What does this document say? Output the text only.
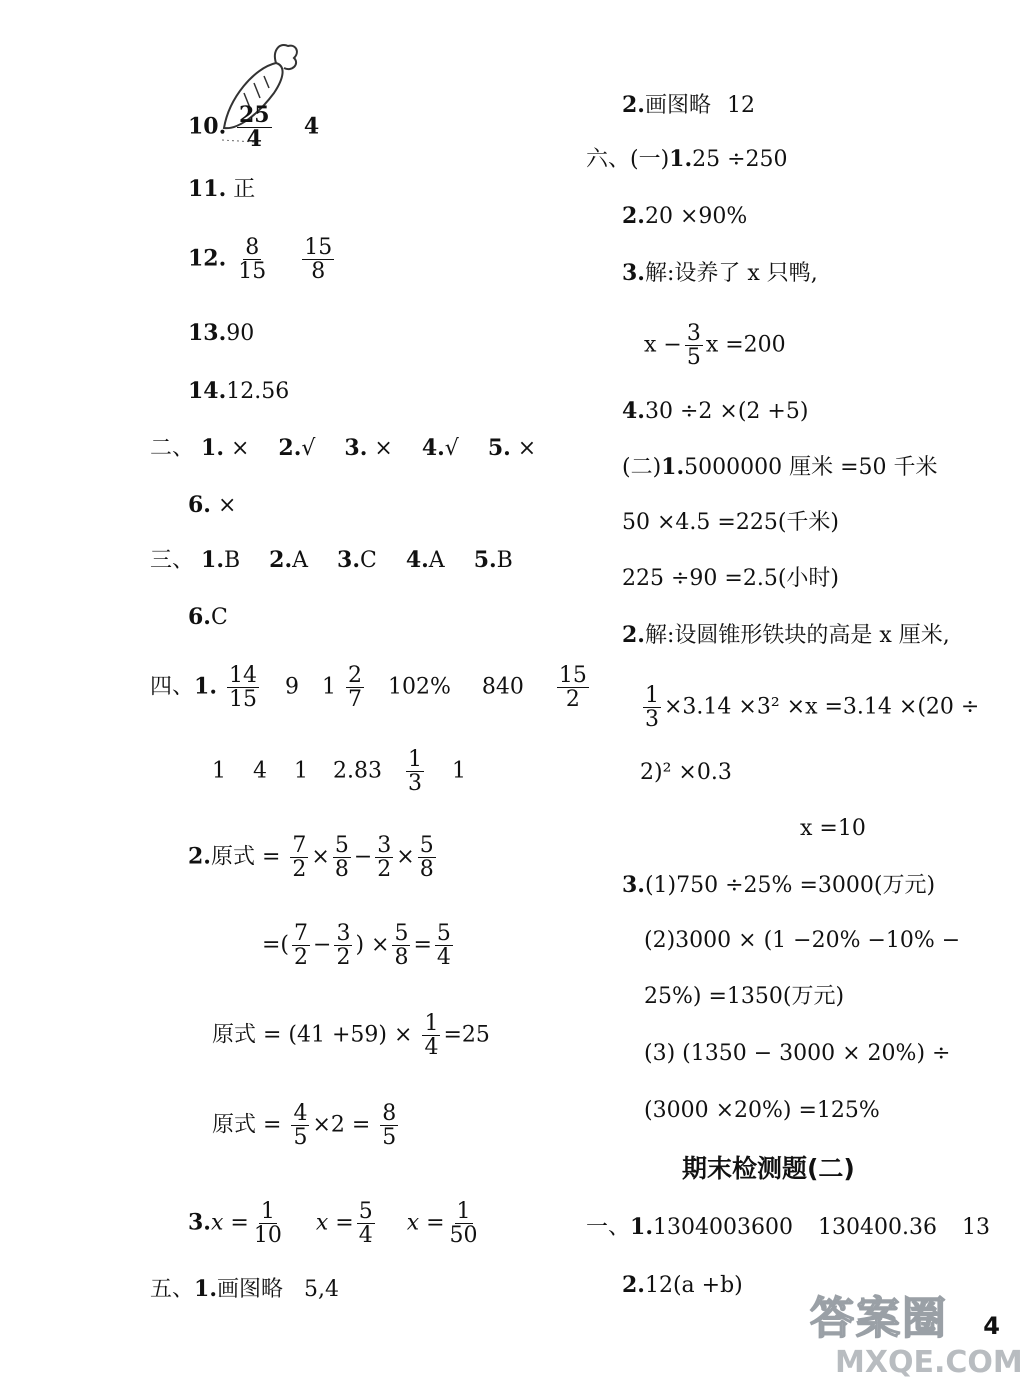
10. $\frac{25}{4} 4$
11. 正
12. $\frac{8}{15}$
$\frac{15}{8}$
13.90
14.12.56
二、 1. × 2.√ 3. × 4.√ 5. ×
6. ×
三、 1.B 2.A 3.C 4.A 5.B
6.C
四、1. $\frac{14}{15} 9$ $1 \frac{2}{7} 102\%$ $840 \frac{15}{2}$
1 4 1 $2.83 \frac{1}{3} 1$
2.原式 = $\frac{7}{2} \times \frac{5}{8} - \frac{3}{2} \times \frac{5}{8}$
=( $\frac{7}{2} - \frac{3}{2}$ ) × $\frac{5}{8} = \frac{5}{4}$
原式 = $(41 +59) \times \frac{1}{4} =25$
原式 = $\frac{4}{5} \times 2 = \frac{8}{5}$
$3.x = \frac{1}{10}$ $x = \frac{5}{4}$ $x = \frac{1}{50}$
五、1.画图略 5,4
2.画图略 12
六、(一)1.25 ÷250
2.20 ×90%
3.解:设养了 x 只鸭,
$x - \frac{3}{5}$ x =200
4.30 ÷2 ×(2 +5)
(二)1.5000000 厘米 =50 千米
50 ×4.5 =225(千米)
225 ÷90 =2.5(小时)
2.解:设圆锥形铁块的高是 x 厘米,
$\frac{1}{3} \times 3.14 \times 3^2 \times x =3.14 \times(20$ ÷
2)² ×0.3
x =10
3.(1)750 ÷25% =3000(万元)
(2)3000 × (1 −20% −10% −
25%) =1350(万元)
(3) (1350 − 3000 × 20%) ÷
(3000 ×20%) =125%
期末检测题(二)
一、1.1304003600 130400.36 13
2.12(a +b)
4
答案圈
MXQE.COM
